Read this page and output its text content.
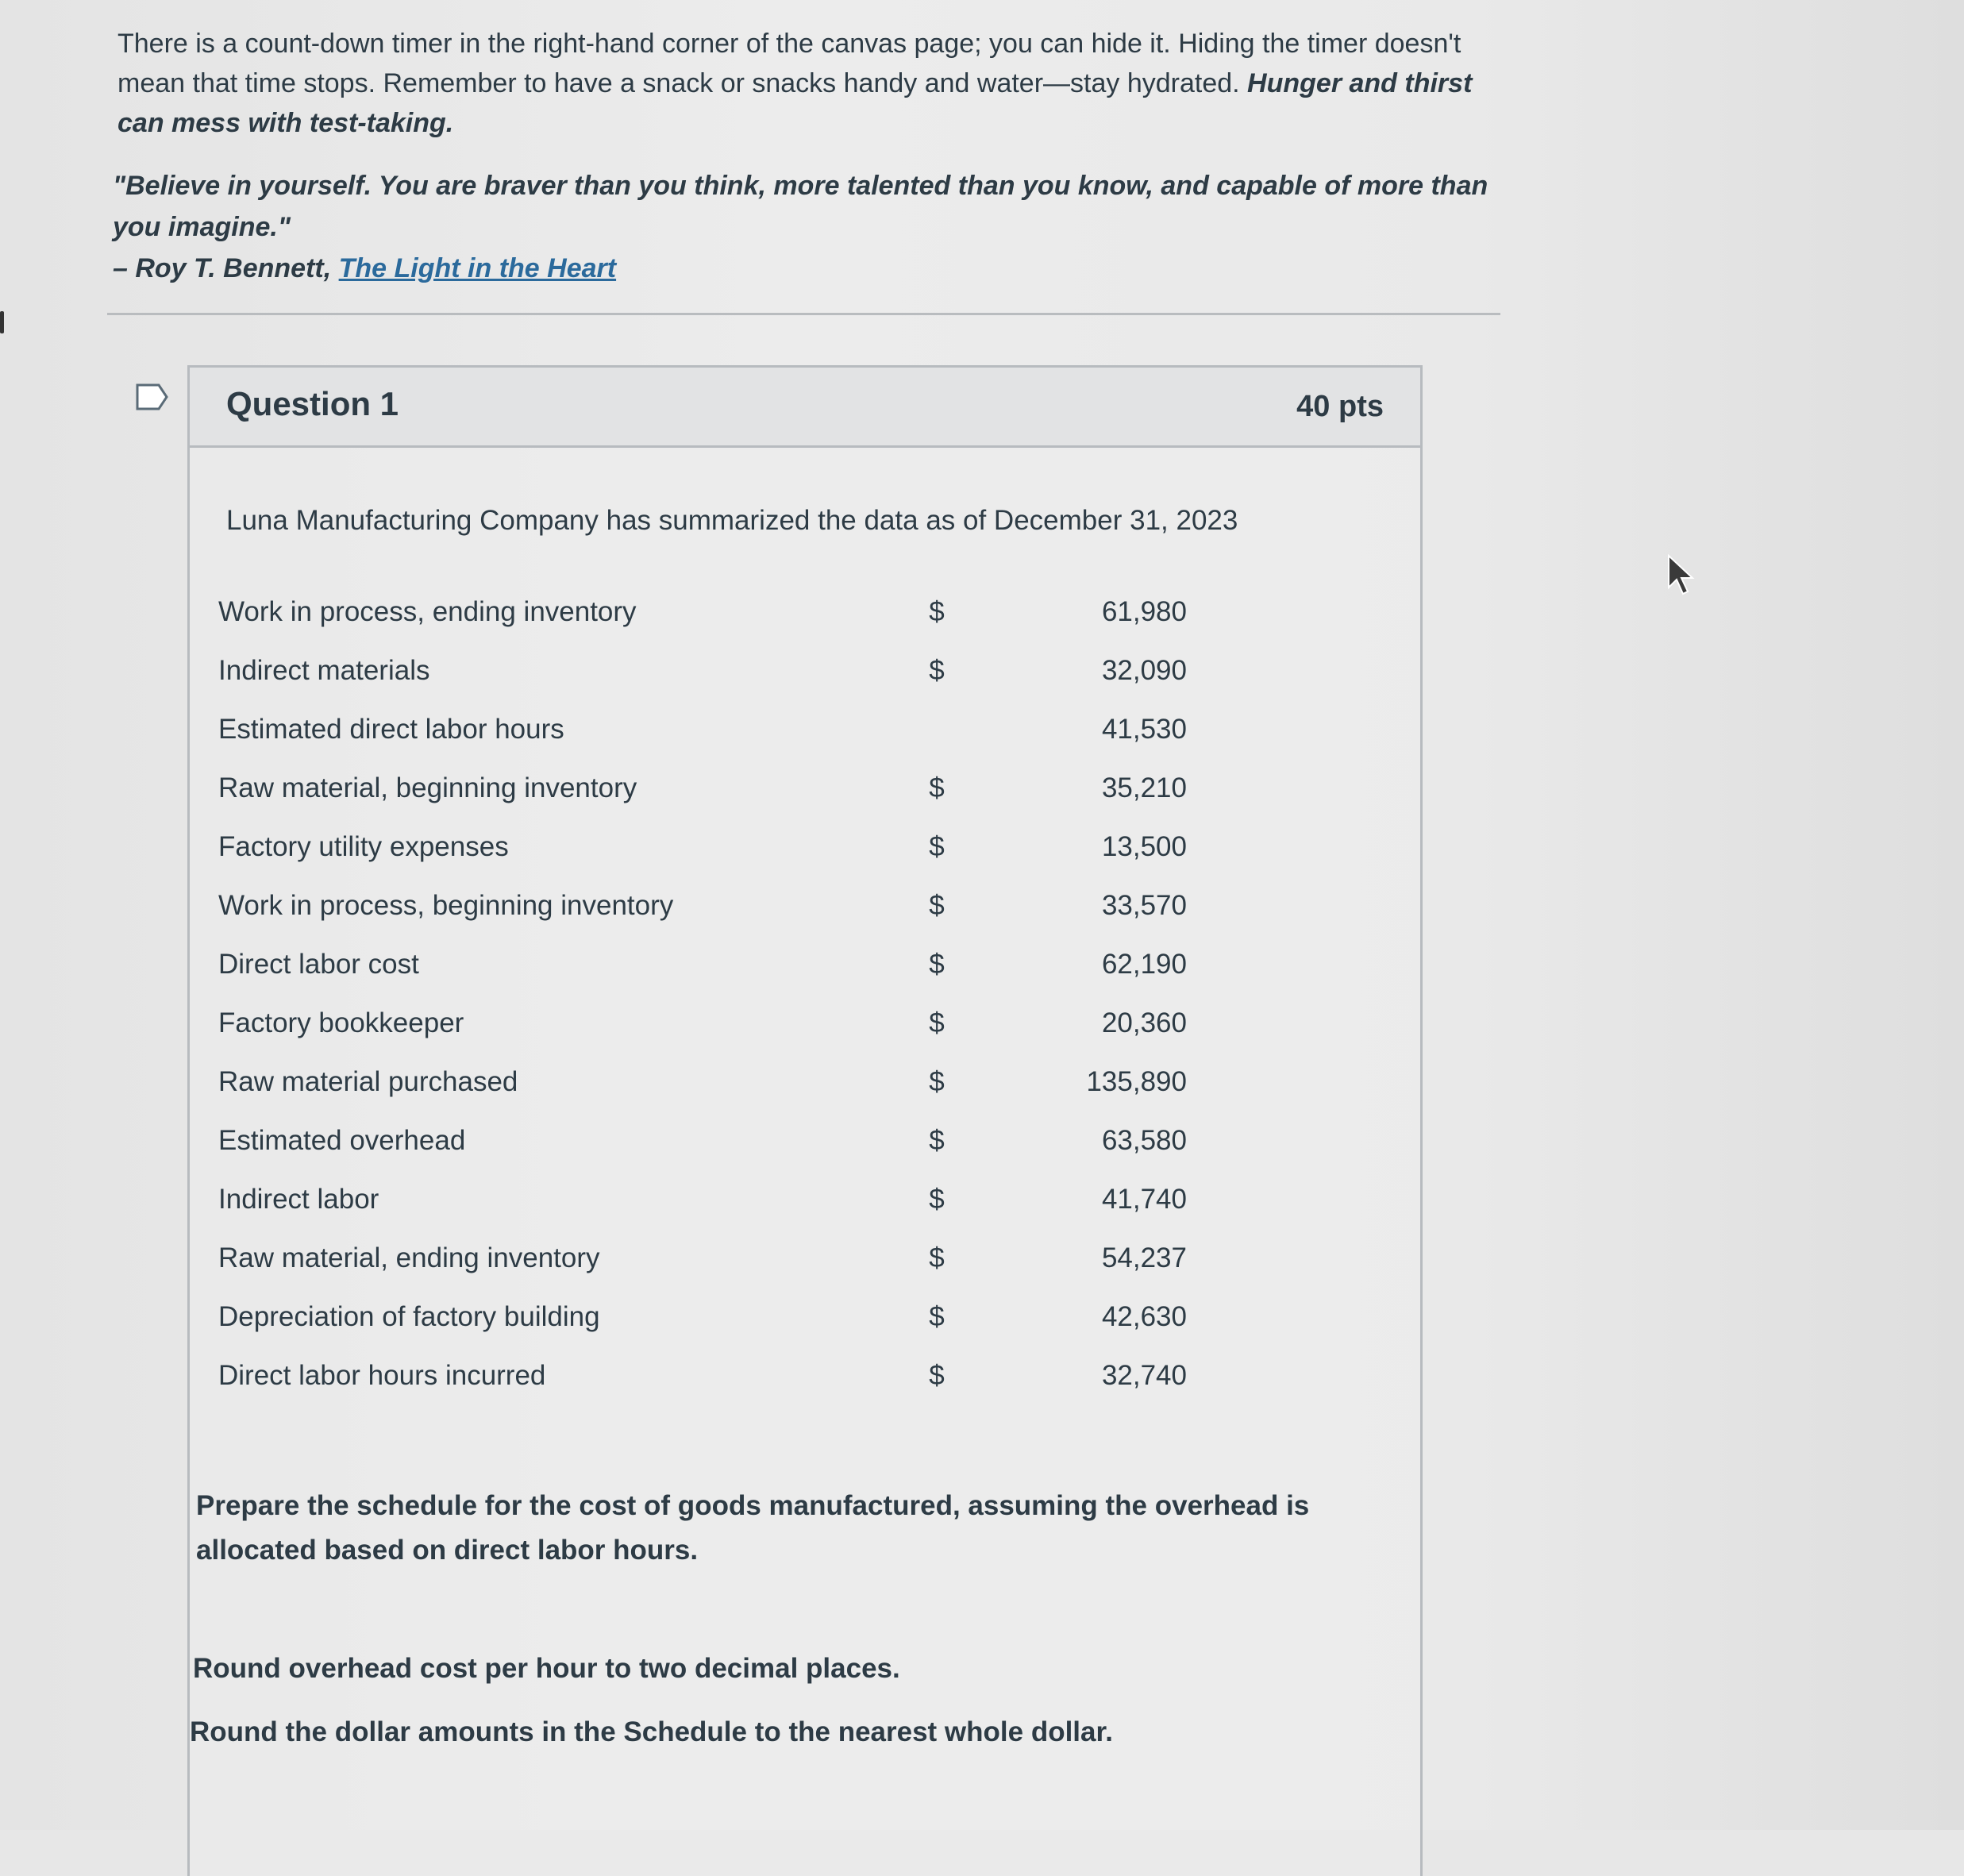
There is a count-down timer in the right-hand corner of the canvas page; you can hide it. Hiding the timer doesn't mean that time stops. Remember to have a snack or snacks handy and water—stay hydrated. Hunger and thirst can mess with test-taking.

"Believe in yourself. You are braver than you think, more talented than you know, and capable of more than you imagine."

– Roy T. Bennett, The Light in the Heart

Question 1	40 pts
Luna Manufacturing Company has summarized the data as of December 31, 2023
Work in process, ending inventory	$	61,980
Indirect materials	$	32,090
Estimated direct labor hours	41,530
Raw material, beginning inventory	$	35,210
Factory utility expenses	$	13,500
Work in process, beginning inventory	$	33,570
Direct labor cost	$	62,190
Factory bookkeeper	$	20,360
Raw material purchased	$	135,890
Estimated overhead	$	63,580
Indirect labor	$	41,740
Raw material, ending inventory	$	54,237
Depreciation of factory building	$	42,630
Direct labor hours incurred	$	32,740

Prepare the schedule for the cost of goods manufactured, assuming the overhead is allocated based on direct labor hours.

Round overhead cost per hour to two decimal places.
Round the dollar amounts in the Schedule to the nearest whole dollar.
